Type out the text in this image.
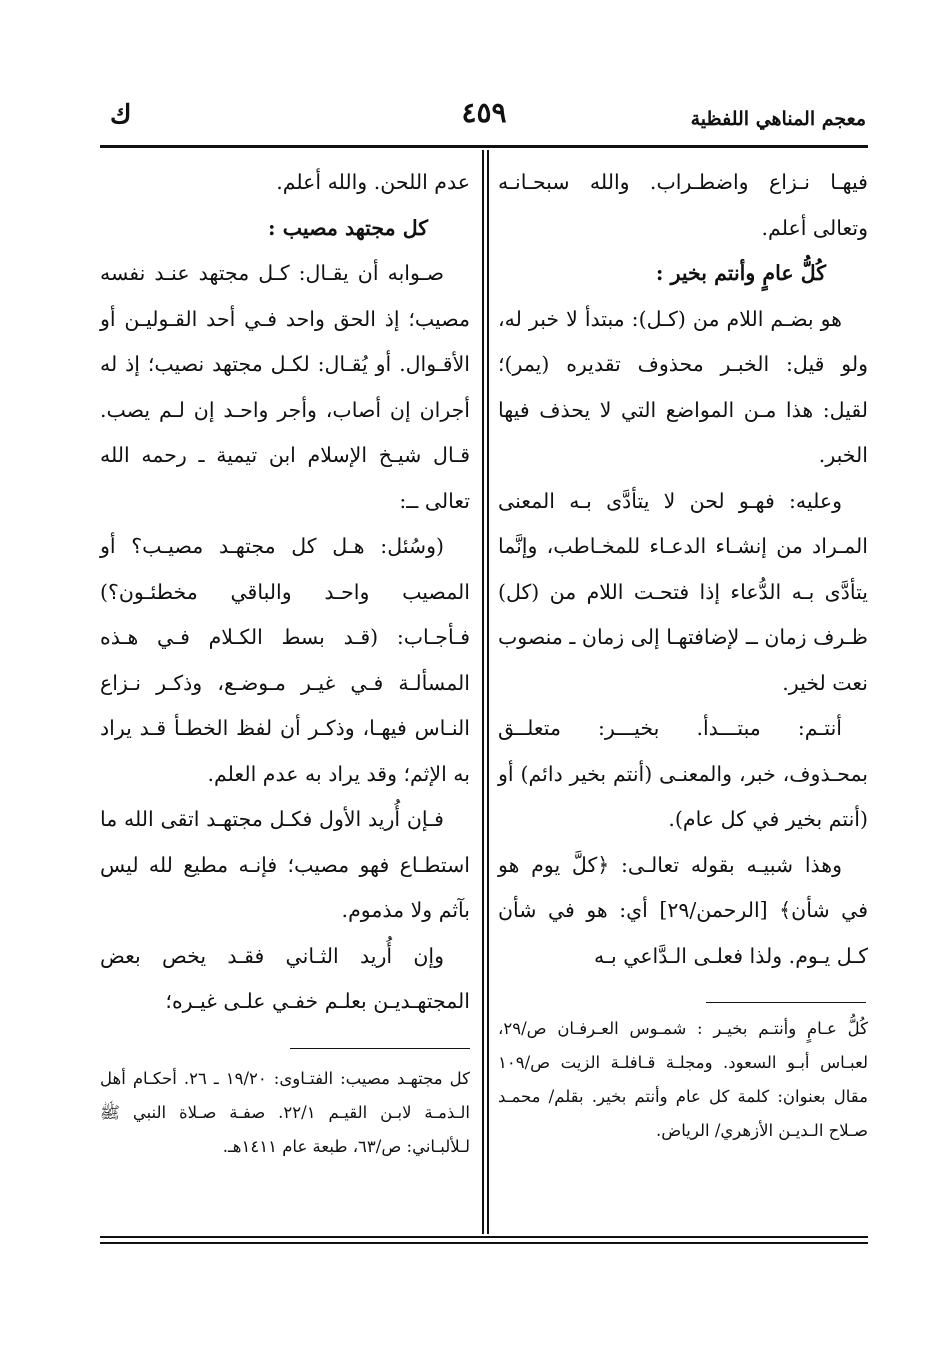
ك	٤٥٩	معجم المناهي اللفظية

فيهـا نـزاع واضطـراب. والله سبحـانـه وتعالى أعلم.

كُلُّ عامٍ وأنتم بخير :

هو بضـم اللام من (كـل): مبتدأ لا خبر له، ولو قيل: الخبـر محذوف تقديره (يمر)؛ لقيل: هذا مـن المواضع التي لا يحذف فيها الخبر.

وعليه: فهـو لحن لا يتأدَّى بـه المعنى المـراد من إنشـاء الدعـاء للمخـاطب، وإنَّما يتأدَّى بـه الدُّعاء إذا فتحـت اللام من (كل) ظـرف زمان ــ لإضافتهـا إلى زمان ـ منصوب نعت لخير.

أنتـم: مبتـــدأ. بخيـــر: متعلــق بمحـذوف، خبر، والمعنـى (أنتم بخير دائم) أو (أنتم بخير في كل عام).

وهذا شبيـه بقوله تعالـى: ﴿كلَّ يوم هو في شأن﴾ [الرحمن/٢٩] أي: هو في شأن كـل يـوم. ولذا فعلـى الـدَّاعي بـه

عدم اللحن. والله أعلم.

كل مجتهد مصيب :

صـوابه أن يقـال: كـل مجتهد عنـد نفسه مصيب؛ إذ الحق واحد فـي أحد القـوليـن أو الأقـوال. أو يُقـال: لكـل مجتهد نصيب؛ إذ له أجران إن أصاب، وأجر واحـد إن لـم يصب. قـال شيـخ الإسلام ابن تيمية ـ رحمه الله تعالى ــ:

(وسُئل: هـل كل مجتهـد مصيـب؟ أو المصيب واحـد والباقي مخطئـون؟) فـأجـاب: (قـد بسط الكـلام فـي هـذه المسألـة فـي غيـر مـوضـع، وذكـر نـزاع النـاس فيهـا، وذكـر أن لفظ الخطـأ قـد يراد به الإثم؛ وقد يراد به عدم العلم.

فـإن أُريد الأول فكـل مجتهـد اتقى الله ما استطـاع فهو مصيب؛ فإنـه مطيع لله ليس بآثم ولا مذموم.

وإن أُريد الثـاني فقـد يخص بعض المجتهـديـن بعلـم خفـي علـى غيـره؛

كُلُّ عـامٍ وأنتـم بخيـر : شمـوس العـرفـان ص/٢٩، لعبـاس أبـو السعود. ومجلـة قـافلـة الزيت ص/١٠٩ مقال بعنوان: كلمة كل عام وأنتم بخير. بقلم/ محمـد صـلاح الـديـن الأزهري/ الرياض.

كل مجتهـد مصيب: الفتـاوى: ١٩/٢٠ ـ ٢٦. أحكـام أهل الـذمـة لابـن القيـم ٢٢/١. صفـة صـلاة النبي ﷺ لـلألبـاني: ص/٦٣، طبعة عام ١٤١١هـ.
